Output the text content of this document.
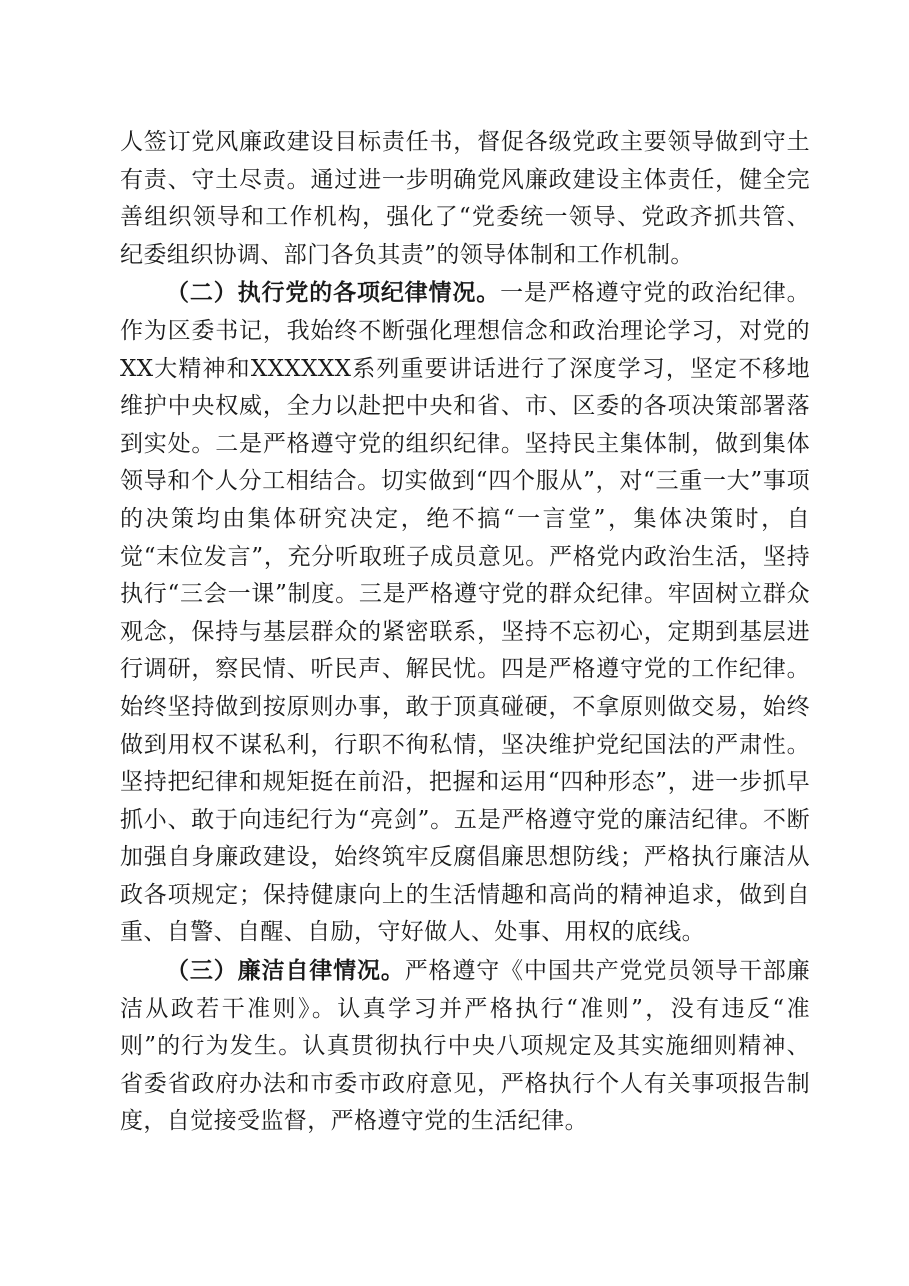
人签订党风廉政建设目标责任书，督促各级党政主要领导做到守土有责、守土尽责。通过进一步明确党风廉政建设主体责任，健全完善组织领导和工作机构，强化了“党委统一领导、党政齐抓共管、纪委组织协调、部门各负其责”的领导体制和工作机制。

（二）执行党的各项纪律情况。一是严格遵守党的政治纪律。作为区委书记，我始终不断强化理想信念和政治理论学习，对党的XX大精神和XXXXXX系列重要讲话进行了深度学习，坚定不移地维护中央权威，全力以赴把中央和省、市、区委的各项决策部署落到实处。二是严格遵守党的组织纪律。坚持民主集体制，做到集体领导和个人分工相结合。切实做到“四个服从”，对“三重一大”事项的决策均由集体研究决定，绝不搞“一言堂”，集体决策时，自觉“末位发言”，充分听取班子成员意见。严格党内政治生活，坚持执行“三会一课”制度。三是严格遵守党的群众纪律。牢固树立群众观念，保持与基层群众的紧密联系，坚持不忘初心，定期到基层进行调研，察民情、听民声、解民忧。四是严格遵守党的工作纪律。始终坚持做到按原则办事，敢于顶真碰硬，不拿原则做交易，始终做到用权不谋私利，行职不徇私情，坚决维护党纪国法的严肃性。坚持把纪律和规矩挺在前沿，把握和运用“四种形态”，进一步抓早抓小、敢于向违纪行为“亮剑”。五是严格遵守党的廉洁纪律。不断加强自身廉政建设，始终筑牢反腐倡廉思想防线；严格执行廉洁从政各项规定；保持健康向上的生活情趣和高尚的精神追求，做到自重、自警、自醒、自励，守好做人、处事、用权的底线。

（三）廉洁自律情况。严格遵守《中国共产党党员领导干部廉洁从政若干准则》。认真学习并严格执行“准则”，没有违反“准则”的行为发生。认真贯彻执行中央八项规定及其实施细则精神、省委省政府办法和市委市政府意见，严格执行个人有关事项报告制度，自觉接受监督，严格遵守党的生活纪律。
